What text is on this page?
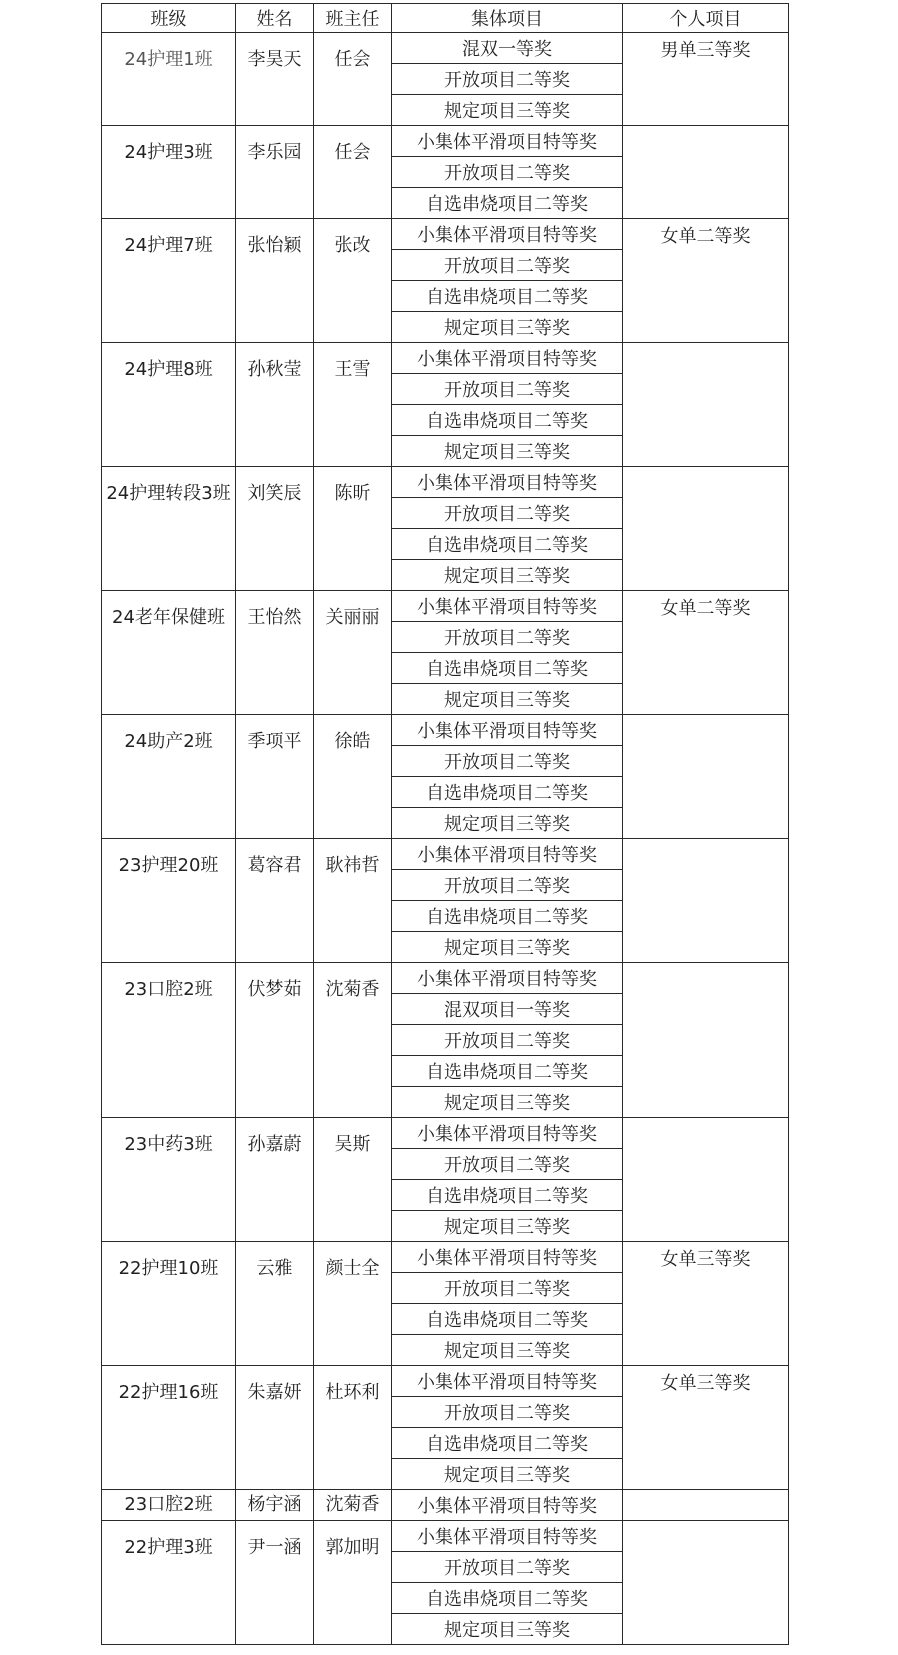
班级	姓名	班主任	集体项目	个人项目
24护理1班	李昊天	任会	混双一等奖	男单三等奖
			开放项目二等奖	
			规定项目三等奖	
24护理3班	李乐园	任会	小集体平滑项目特等奖	
			开放项目二等奖	
			自选串烧项目二等奖	
24护理7班	张怡颖	张改	小集体平滑项目特等奖	女单二等奖
			开放项目二等奖	
			自选串烧项目二等奖	
			规定项目三等奖	
24护理8班	孙秋莹	王雪	小集体平滑项目特等奖	
			开放项目二等奖	
			自选串烧项目二等奖	
			规定项目三等奖	
24护理转段3班	刘笑辰	陈昕	小集体平滑项目特等奖	
			开放项目二等奖	
			自选串烧项目二等奖	
			规定项目三等奖	
24老年保健班	王怡然	关丽丽	小集体平滑项目特等奖	女单二等奖
			开放项目二等奖	
			自选串烧项目二等奖	
			规定项目三等奖	
24助产2班	季项平	徐皓	小集体平滑项目特等奖	
			开放项目二等奖	
			自选串烧项目二等奖	
			规定项目三等奖	
23护理20班	葛容君	耿祎哲	小集体平滑项目特等奖	
			开放项目二等奖	
			自选串烧项目二等奖	
			规定项目三等奖	
23口腔2班	伏梦茹	沈菊香	小集体平滑项目特等奖	
			混双项目一等奖	
			开放项目二等奖	
			自选串烧项目二等奖	
			规定项目三等奖	
23中药3班	孙嘉蔚	吴斯	小集体平滑项目特等奖	
			开放项目二等奖	
			自选串烧项目二等奖	
			规定项目三等奖	
22护理10班	云雅	颜士全	小集体平滑项目特等奖	女单三等奖
			开放项目二等奖	
			自选串烧项目二等奖	
			规定项目三等奖	
22护理16班	朱嘉妍	杜环利	小集体平滑项目特等奖	女单三等奖
			开放项目二等奖	
			自选串烧项目二等奖	
			规定项目三等奖	
23口腔2班	杨宇涵	沈菊香	小集体平滑项目特等奖	
22护理3班	尹一涵	郭加明	小集体平滑项目特等奖	
			开放项目二等奖	
			自选串烧项目二等奖	
			规定项目三等奖	
